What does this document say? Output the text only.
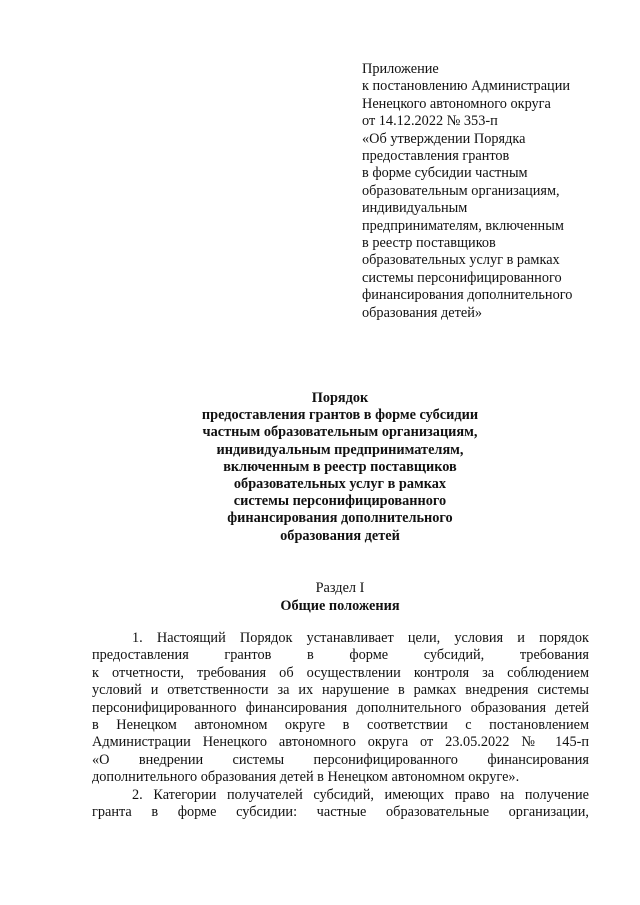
Приложение
к постановлению Администрации
Ненецкого автономного округа
от 14.12.2022 № 353-п
«Об утверждении Порядка
предоставления грантов
в форме субсидии частным
образовательным организациям,
индивидуальным
предпринимателям, включенным
в реестр поставщиков
образовательных услуг в рамках
системы персонифицированного
финансирования дополнительного
образования детей»
Порядок
предоставления грантов в форме субсидии
частным образовательным организациям,
индивидуальным предпринимателям,
включенным в реестр поставщиков
образовательных услуг в рамках
системы персонифицированного
финансирования дополнительного
образования детей
Раздел I
Общие положения
1. Настоящий Порядок устанавливает цели, условия и порядок
предоставления грантов в форме субсидий, требования
к отчетности, требования об осуществлении контроля за соблюдением
условий и ответственности за их нарушение в рамках внедрения системы
персонифицированного финансирования дополнительного образования детей
в Ненецком автономном округе в соответствии с постановлением
Администрации Ненецкого автономного округа от 23.05.2022 № 145-п
«О внедрении системы персонифицированного финансирования
дополнительного образования детей в Ненецком автономном округе».
2. Категории получателей субсидий, имеющих право на получение
гранта в форме субсидии: частные образовательные организации,
